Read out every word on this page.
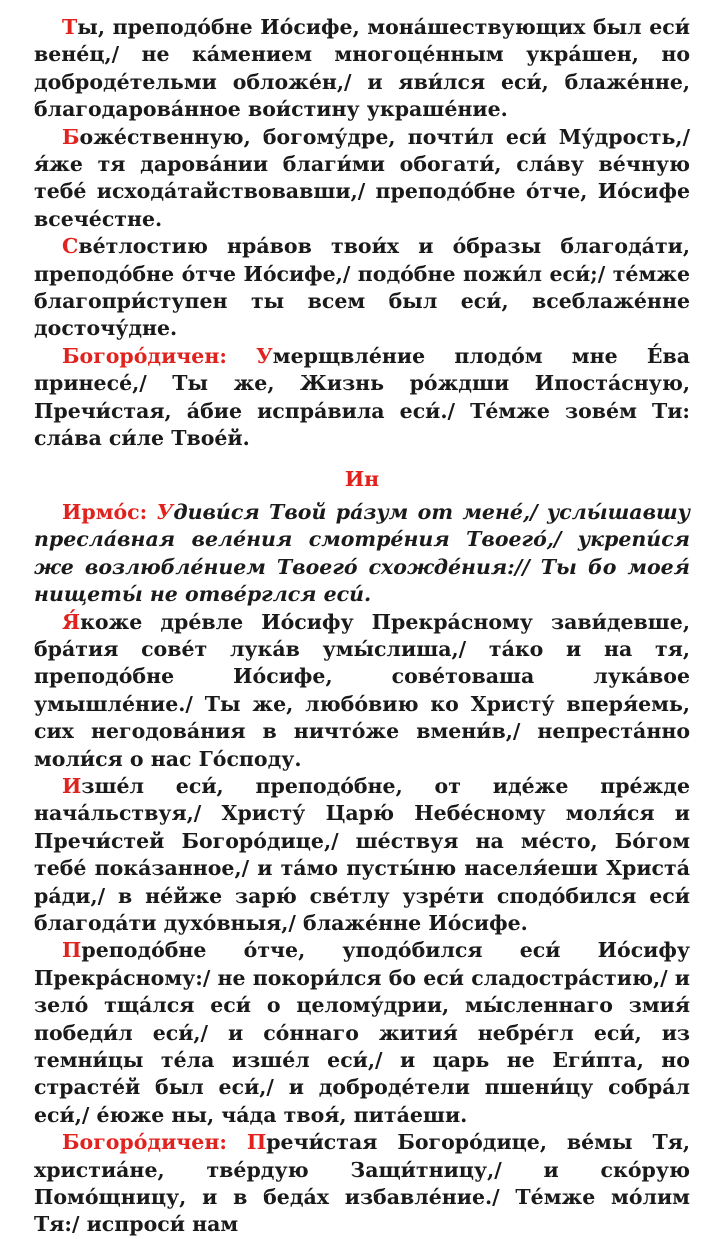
Ты, преподо́бне Ио́сифе, мона́шествующих был еси́ вене́ц,/ не ка́мением многоце́нным укра́шен, но доброде́тельми обложе́н,/ и яви́лся еси́, блаже́нне, благодарова́нное вои́стину украше́ние.

Боже́ственную, богому́дре, почти́л еси́ Му́дрость,/ я́же тя дарова́нии благи́ми обогати́, сла́ву ве́чную тебе́ исхода́тайствовавши,/ преподо́бне о́тче, Ио́сифе всече́стне.

Све́тлостию нра́вов твои́х и о́бразы благода́ти, преподо́бне о́тче Ио́сифе,/ подо́бне пожи́л еси́;/ те́мже благопри́ступен ты всем был еси́, всеблаже́нне досточу́дне.

Богоро́дичен: Умерщвле́ние плодо́м мне Е́ва принесе́,/ Ты же, Жизнь ро́ждши Ипоста́сную, Пречи́стая, а́бие испра́вила еси́./ Те́мже зове́м Ти: сла́ва си́ле Твое́й.

Ин

Ирмо́с: Удиви́ся Твой ра́зум от мене́,/ услы́шавшу пресла́вная веле́ния смотре́ния Твоего́,/ укрепи́ся же возлюбле́нием Твоего́ схожде́ния:// Ты бо моея́ нищеты́ не отве́рглся еси́.

Я́коже дре́вле Ио́сифу Прекра́сному зави́девше, бра́тия сове́т лука́в умы́слиша,/ та́ко и на тя, преподо́бне Ио́сифе, сове́товаша лука́вое умышле́ние./ Ты же, любо́вию ко Христу́ вперя́емь, сих негодова́ния в ничто́же вмени́в,/ непреста́нно моли́ся о нас Го́споду.

Изше́л еси́, преподо́бне, от иде́же пре́жде нача́льствуя,/ Христу́ Царю́ Небе́сному моля́ся и Пречи́стей Богоро́дице,/ ше́ствуя на ме́сто, Бо́гом тебе́ пока́занное,/ и та́мо пусты́ню населя́еши Христа́ ра́ди,/ в не́йже зарю́ све́тлу узре́ти сподо́бился еси́ благода́ти духо́вныя,/ блаже́нне Ио́сифе.

Преподо́бне о́тче, уподо́бился еси́ Ио́сифу Прекра́сному:/ не покори́лся бо еси́ сладостра́стию,/ и зело́ тща́лся еси́ о целому́дрии, мы́сленнаго змия́ победи́л еси́,/ и со́ннаго жития́ небре́гл еси́, из темни́цы те́ла изше́л еси́,/ и царь не Еги́пта, но страсте́й был еси́,/ и доброде́тели пшени́цу собра́л еси́,/ е́юже ны, ча́да твоя́, пита́еши.

Богоро́дичен: Пречи́стая Богоро́дице, ве́мы Тя, христиа́не, тве́рдую Защи́тницу,/ и ско́рую Помо́щницу, и в беда́х избавле́ние./ Те́мже мо́лим Тя:/ испроси́ нам
